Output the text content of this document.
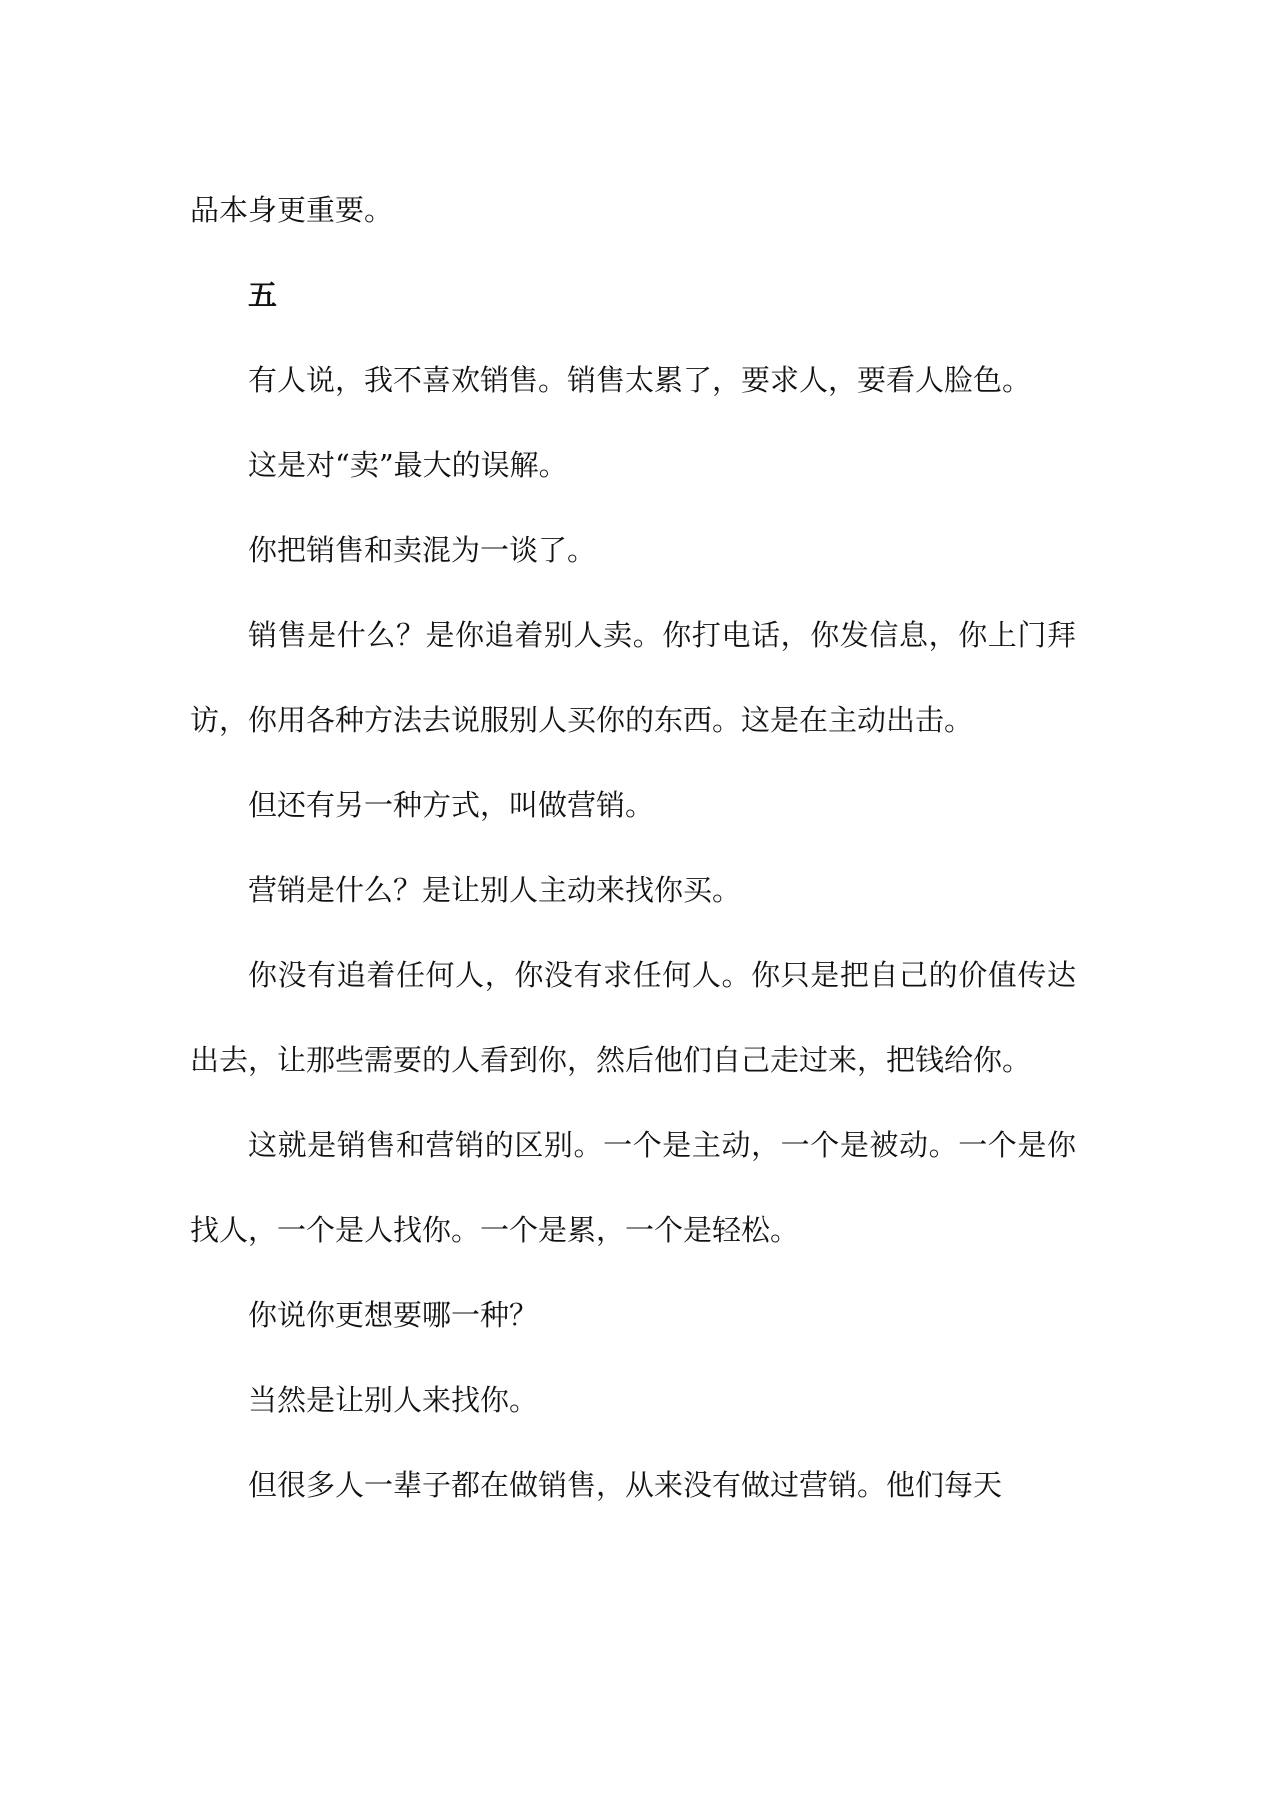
品本身更重要。

五

有人说，我不喜欢销售。销售太累了，要求人，要看人脸色。

这是对“卖”最大的误解。

你把销售和卖混为一谈了。

销售是什么？是你追着别人卖。你打电话，你发信息，你上门拜访，你用各种方法去说服别人买你的东西。这是在主动出击。

但还有另一种方式，叫做营销。

营销是什么？是让别人主动来找你买。

你没有追着任何人，你没有求任何人。你只是把自己的价值传达出去，让那些需要的人看到你，然后他们自己走过来，把钱给你。

这就是销售和营销的区别。一个是主动，一个是被动。一个是你找人，一个是人找你。一个是累，一个是轻松。

你说你更想要哪一种？

当然是让别人来找你。

但很多人一辈子都在做销售，从来没有做过营销。他们每天
